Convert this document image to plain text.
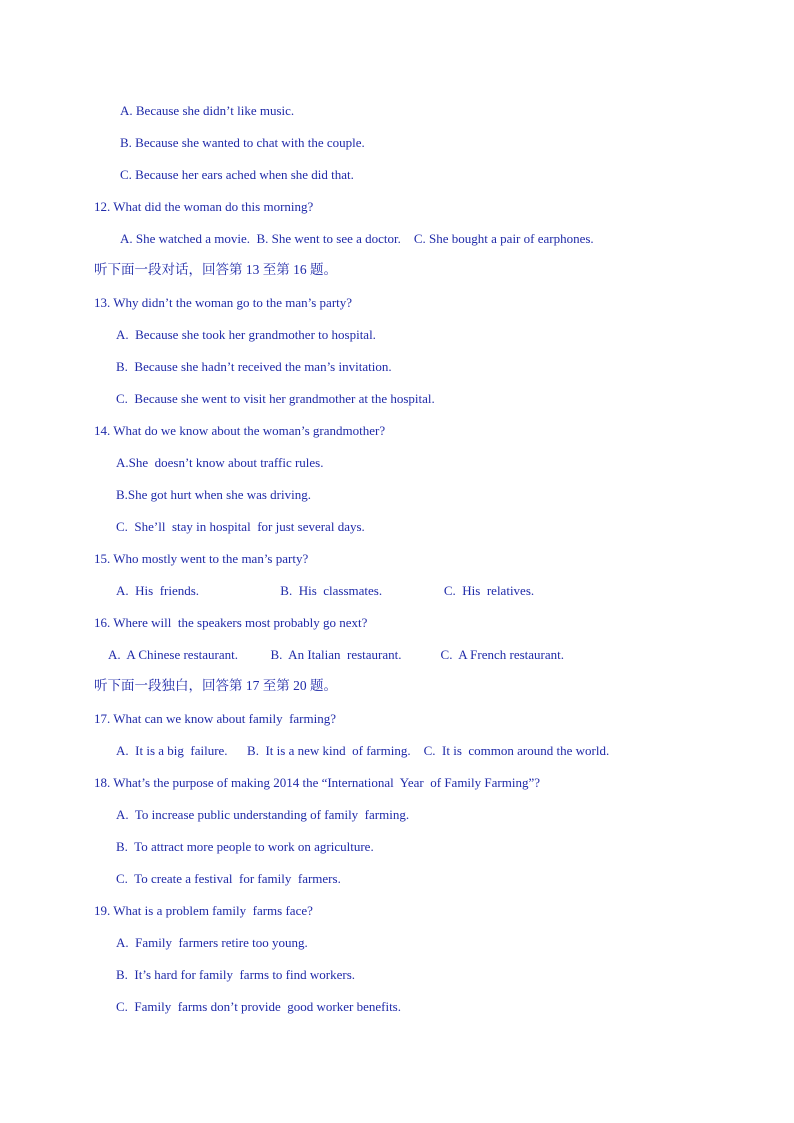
A. Because she didn’t like music.
B. Because she wanted to chat with the couple.
C. Because her ears ached when she did that.
12. What did the woman do this morning?
A. She watched a movie.  B. She went to see a doctor.    C. She bought a pair of earphones.
听下面一段对话，回答第 13 至第 16 题。
13. Why didn’t the woman go to the man’s party?
A.  Because she took her grandmother to hospital.
B.  Because she hadn’t received the man’s invitation.
C.  Because she went to visit her grandmother at the hospital.
14. What do we know about the woman’s grandmother?
A.She  doesn’t know about traffic rules.
B.She got hurt when she was driving.
C.  She’ll  stay in hospital  for just several days.
15. Who mostly went to the man’s party?
A.  His  friends.                         B.  His  classmates.                   C.  His  relatives.
16. Where will  the speakers most probably go next?
A.  A Chinese restaurant.          B.  An Italian  restaurant.            C.  A French restaurant.
听下面一段独白，回答第 17 至第 20 题。
17. What can we know about family  farming?
A.  It is a big  failure.      B.  It is a new kind  of farming.    C.  It is  common around the world.
18. What’s the purpose of making 2014 the “International  Year  of Family Farming”?
A.  To increase public understanding of family  farming.
B.  To attract more people to work on agriculture.
C.  To create a festival  for family  farmers.
19. What is a problem family  farms face?
A.  Family  farmers retire too young.
B.  It’s hard for family  farms to find workers.
C.  Family  farms don’t provide  good worker benefits.
